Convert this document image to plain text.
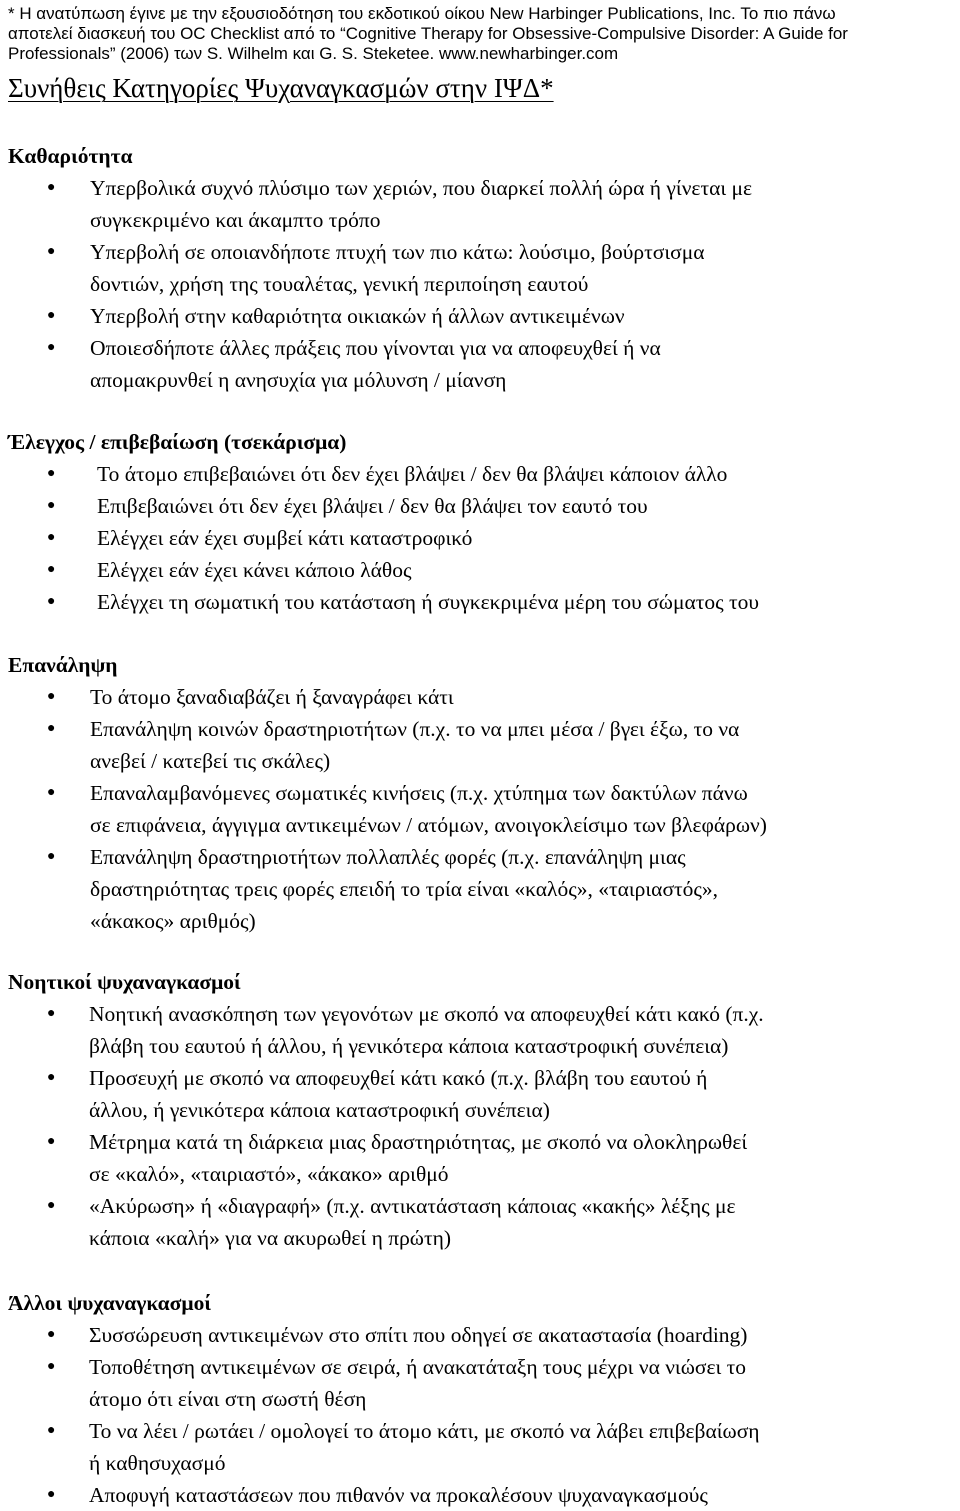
* Η ανατύπωση έγινε με την εξουσιοδότηση του εκδοτικού οίκου New Harbinger Publications, Inc. Το πιο πάνω
αποτελεί διασκευή του OC Checklist από το “Cognitive Therapy for Obsessive-Compulsive Disorder: A Guide for
Professionals” (2006) των S. Wilhelm και G. S. Steketee. www.newharbinger.com
Συνήθεις Κατηγορίες Ψυχαναγκασμών στην ΙΨΔ*
Καθαριότητα
● Υπερβολικά συχνό πλύσιμο των χεριών, που διαρκεί πολλή ώρα ή γίνεται με
συγκεκριμένο και άκαμπτο τρόπο
● Υπερβολή σε οποιανδήποτε πτυχή των πιο κάτω: λούσιμο, βούρτσισμα
δοντιών, χρήση της τουαλέτας, γενική περιποίηση εαυτού
● Υπερβολή στην καθαριότητα οικιακών ή άλλων αντικειμένων
● Οποιεσδήποτε άλλες πράξεις που γίνονται για να αποφευχθεί ή να
απομακρυνθεί η ανησυχία για μόλυνση / μίανση
Έλεγχος / επιβεβαίωση (τσεκάρισμα)
● Το άτομο επιβεβαιώνει ότι δεν έχει βλάψει / δεν θα βλάψει κάποιον άλλο
● Επιβεβαιώνει ότι δεν έχει βλάψει / δεν θα βλάψει τον εαυτό του
● Ελέγχει εάν έχει συμβεί κάτι καταστροφικό
● Ελέγχει εάν έχει κάνει κάποιο λάθος
● Ελέγχει τη σωματική του κατάσταση ή συγκεκριμένα μέρη του σώματος του
Επανάληψη
● Το άτομο ξαναδιαβάζει ή ξαναγράφει κάτι
● Επανάληψη κοινών δραστηριοτήτων (π.χ. το να μπει μέσα / βγει έξω, το να
ανεβεί / κατεβεί τις σκάλες)
● Επαναλαμβανόμενες σωματικές κινήσεις (π.χ. χτύπημα των δακτύλων πάνω
σε επιφάνεια, άγγιγμα αντικειμένων / ατόμων, ανοιγοκλείσιμο των βλεφάρων)
● Επανάληψη δραστηριοτήτων πολλαπλές φορές (π.χ. επανάληψη μιας
δραστηριότητας τρεις φορές επειδή το τρία είναι «καλός», «ταιριαστός»,
«άκακος» αριθμός)
Νοητικοί ψυχαναγκασμοί
● Νοητική ανασκόπηση των γεγονότων με σκοπό να αποφευχθεί κάτι κακό (π.χ.
βλάβη του εαυτού ή άλλου, ή γενικότερα κάποια καταστροφική συνέπεια)
● Προσευχή με σκοπό να αποφευχθεί κάτι κακό (π.χ. βλάβη του εαυτού ή
άλλου, ή γενικότερα κάποια καταστροφική συνέπεια)
● Μέτρημα κατά τη διάρκεια μιας δραστηριότητας, με σκοπό να ολοκληρωθεί
σε «καλό», «ταιριαστό», «άκακο» αριθμό
● «Ακύρωση» ή «διαγραφή» (π.χ. αντικατάσταση κάποιας «κακής» λέξης με
κάποια «καλή» για να ακυρωθεί η πρώτη)
Άλλοι ψυχαναγκασμοί
● Συσσώρευση αντικειμένων στο σπίτι που οδηγεί σε ακαταστασία (hoarding)
● Τοποθέτηση αντικειμένων σε σειρά, ή ανακατάταξη τους μέχρι να νιώσει το
άτομο ότι είναι στη σωστή θέση
● Το να λέει / ρωτάει / ομολογεί το άτομο κάτι, με σκοπό να λάβει επιβεβαίωση
ή καθησυχασμό
● Αποφυγή καταστάσεων που πιθανόν να προκαλέσουν ψυχαναγκασμούς
